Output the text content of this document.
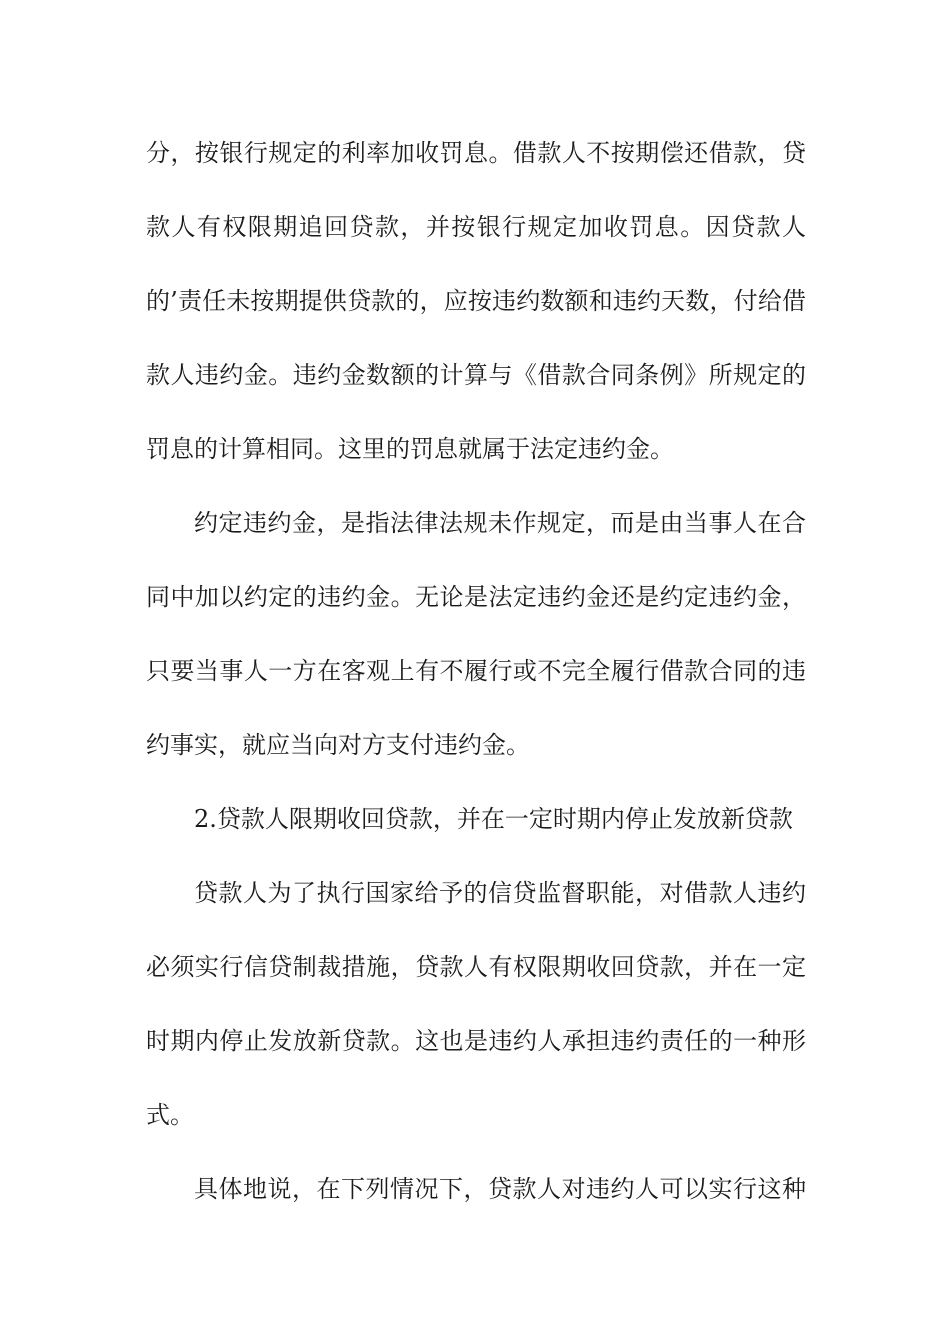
分，按银行规定的利率加收罚息。借款人不按期偿还借款，贷
款人有权限期追回贷款，并按银行规定加收罚息。因贷款人
的’责任未按期提供贷款的，应按违约数额和违约天数，付给借
款人违约金。违约金数额的计算与《借款合同条例》所规定的
罚息的计算相同。这里的罚息就属于法定违约金。
约定违约金，是指法律法规未作规定，而是由当事人在合
同中加以约定的违约金。无论是法定违约金还是约定违约金，
只要当事人一方在客观上有不履行或不完全履行借款合同的违
约事实，就应当向对方支付违约金。
2.贷款人限期收回贷款，并在一定时期内停止发放新贷款
贷款人为了执行国家给予的信贷监督职能，对借款人违约
必须实行信贷制裁措施，贷款人有权限期收回贷款，并在一定
时期内停止发放新贷款。这也是违约人承担违约责任的一种形
式。
具体地说，在下列情况下，贷款人对违约人可以实行这种
